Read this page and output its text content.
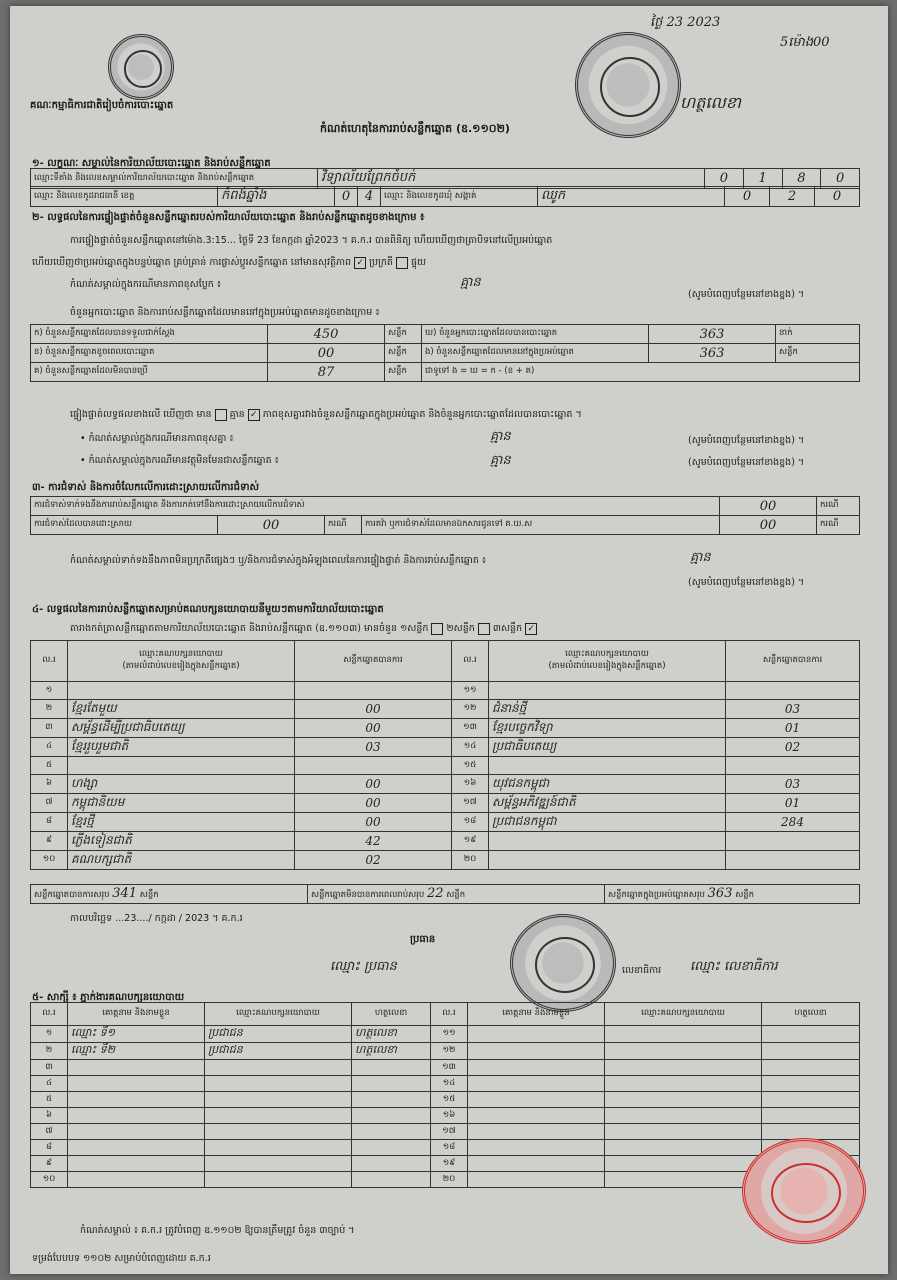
គណៈកម្មាធិការជាតិរៀបចំការបោះឆ្នោត
ថ្ងៃ 23 2023
5ម៉ោង00
ហត្ថលេខា
កំណត់ហេតុនៃការរាប់សន្លឹកឆ្នោត (ឧ.១១០២)
១- លក្ខណៈ សម្គាល់នៃការិយាល័យបោះឆ្នោត និងរាប់សន្លឹកឆ្នោត
ឈ្មោះទីតាំង និងលេខសម្គាល់ការិយាល័យបោះឆ្នោត និងរាប់សន្លឹកឆ្នោត	វិទ្យាល័យព្រែកចំបក់	0	1	8	0
ឈ្មោះ និងលេខកូដរាជធានី ខេត្ត	កំពង់ឆ្នាំង	0	4	ឈ្មោះ និងលេខកូដឃុំ សង្កាត់	ឈូក	0	2	0
២- លទ្ធផលនៃការផ្ទៀងផ្ទាត់ចំនួនសន្លឹកឆ្នោតរបស់ការិយាល័យបោះឆ្នោត និងរាប់សន្លឹកឆ្នោតដូចខាងក្រោម ៖
ការផ្ទៀងផ្ទាត់ចំនួនសន្លឹកឆ្នោតនៅម៉ោង.3:15... ថ្ងៃទី 23 ខែកក្កដា ឆ្នាំ2023 ។ គ.ក.រ បានពិនិត្យ ហើយឃើញថាត្រាបិទនៅលើប្រអប់ឆ្នោត
ហើយឃើញថាប្រអប់ឆ្នោតក្នុងបន្ទប់ឆ្នោត គ្រប់គ្រាន់ ការផ្លាស់ប្តូរសន្លឹកឆ្នោត នៅមានសុវត្ថិភាព ✓ ប្រក្រតី ផ្ទុយ
កំណត់សម្គាល់ក្នុងករណីមានភាពខុសប្លែក ៖	គ្មាន
(សូមបំពេញបន្ថែមនៅខាងខ្នង) ។
ចំនួនអ្នកបោះឆ្នោត និងការរាប់សន្លឹកឆ្នោតដែលមាននៅក្នុងប្រអប់ឆ្នោតមានដូចខាងក្រោម ៖
ក) ចំនួនសន្លឹកឆ្នោតដែលបានទទួលជាក់ស្តែង	450	សន្លឹក	ឃ) ចំនួនអ្នកបោះឆ្នោតដែលបានបោះឆ្នោត	363	នាក់
ខ) ចំនួនសន្លឹកឆ្នោតខូចពេលបោះឆ្នោត	00	សន្លឹក	ង) ចំនួនសន្លឹកឆ្នោតដែលមាននៅក្នុងប្រអប់ឆ្នោត	363	សន្លឹក
គ) ចំនួនសន្លឹកឆ្នោតដែលមិនបានប្រើ	87	សន្លឹក	ជាទូទៅ ង = ឃ = ក - (ខ + គ)		
ផ្ទៀងផ្ទាត់លទ្ធផលខាងលើ ឃើញថា មាន គ្មាន ✓ ភាពខុសគ្នារវាងចំនួនសន្លឹកឆ្នោតក្នុងប្រអប់ឆ្នោត និងចំនួនអ្នកបោះឆ្នោតដែលបានបោះឆ្នោត ។
• កំណត់សម្គាល់ក្នុងករណីមានភាពខុសគ្នា ៖	គ្មាន	(សូមបំពេញបន្ថែមនៅខាងខ្នង) ។
• កំណត់សម្គាល់ក្នុងករណីមានវត្ថុមិនមែនជាសន្លឹកឆ្នោត ៖	គ្មាន	(សូមបំពេញបន្ថែមនៅខាងខ្នង) ។
៣- ការជំទាស់ និងការចំលែកលើការដោះស្រាយលើការជំទាស់
ការជំទាស់ទាក់ទងនឹងការរាប់សន្លឹកឆ្នោត និងការកត់ទៅនឹងការដោះស្រាយលើការជំទាស់				00	ករណី
ការជំទាស់ដែលបានដោះស្រាយ	00	ករណី	ការតវ៉ា ឬការជំទាស់ដែលមានឯកសារជូនទៅ គ.ឃ.ស	00	ករណី
កំណត់សម្គាល់ទាក់ទងនឹងភាពមិនប្រក្រតីផ្សេងៗ ឬ/និងការជំទាស់ក្នុងអំឡុងពេលនៃការផ្ទៀងផ្ទាត់ និងការរាប់សន្លឹកឆ្នោត ៖	គ្មាន
(សូមបំពេញបន្ថែមនៅខាងខ្នង) ។
៤- លទ្ធផលនៃការរាប់សន្លឹកឆ្នោតសម្រាប់គណបក្សនយោបាយនីមួយៗតាមការិយាល័យបោះឆ្នោត
តារាងកត់ត្រាសន្លឹកឆ្នោតតាមការិយាល័យបោះឆ្នោត និងរាប់សន្លឹកឆ្នោត (ឧ.១១០៣) មានចំនួន ១សន្លឹក ២សន្លឹក ៣សន្លឹក ✓
ល.រ	ឈ្មោះគណបក្សនយោបាយ
(តាមលំដាប់លេខរៀងក្នុងសន្លឹកឆ្នោត)	សន្លឹកឆ្នោតបានការ	ល.រ	ឈ្មោះគណបក្សនយោបាយ
(តាមលំដាប់លេខរៀងក្នុងសន្លឹកឆ្នោត)	សន្លឹកឆ្នោតបានការ
១			១១		
២	ខ្មែរតែមួយ	00	១២	ជំនាន់ថ្មី	03
៣	សម្ព័ន្ធដើម្បីប្រជាធិបតេយ្យ	00	១៣	ខ្មែរបច្ចេកវិទ្យា	01
៤	ខ្មែររួបរួមជាតិ	03	១៤	ប្រជាធិបតេយ្យ	02
៥			១៥		
៦	ហង្សា	00	១៦	យុវជនកម្ពុជា	03
៧	កម្ពុជានិយម	00	១៧	សម្ព័ន្ធអភិវឌ្ឍន៍ជាតិ	01
៨	ខ្មែរថ្មី	00	១៨	ប្រជាជនកម្ពុជា	284
៩	ភ្លើងទៀនជាតិ	42	១៩		
១០	គណបក្សជាតិ	02	២០		
សន្លឹកឆ្នោតបានការសរុប 341 សន្លឹក	សន្លឹកឆ្នោតមិនបានការពេលរាប់សរុប 22 សន្លឹក	សន្លឹកឆ្នោតក្នុងប្រអប់ឆ្នោតសរុប 363 សន្លឹក
កាលបរិច្ឆេទ ...23..../ កក្កដា / 2023 ។ គ.ក.រ
ប្រធាន
ឈ្មោះ ប្រធាន	លេខាធិការ ឈ្មោះ លេខាធិការ
៥- សាក្សី ៖ ភ្នាក់ងារគណបក្សនយោបាយ
ល.រ	គោត្តនាម និងនាមខ្លួន	ឈ្មោះគណបក្សនយោបាយ	ហត្ថលេខា	ល.រ	គោត្តនាម និងនាមខ្លួន	ឈ្មោះគណបក្សនយោបាយ	ហត្ថលេខា
១	ឈ្មោះ ទី១	ប្រជាជន	ហត្ថលេខា	១១			
២	ឈ្មោះ ទី២	ប្រជាជន	ហត្ថលេខា	១២			
៣				១៣			
៤				១៤			
៥				១៥			
៦				១៦			
៧				១៧			
៨				១៨			
៩				១៩			
១០				២០			
កំណត់សម្គាល់ ៖ គ.ក.រ ត្រូវបំពេញ ឧ.១១០២ ឱ្យបានត្រឹមត្រូវ ចំនួន ៣ច្បាប់ ។
ទម្រង់បែបបទ ១១០២ សម្រាប់បំពេញដោយ គ.ក.រ
